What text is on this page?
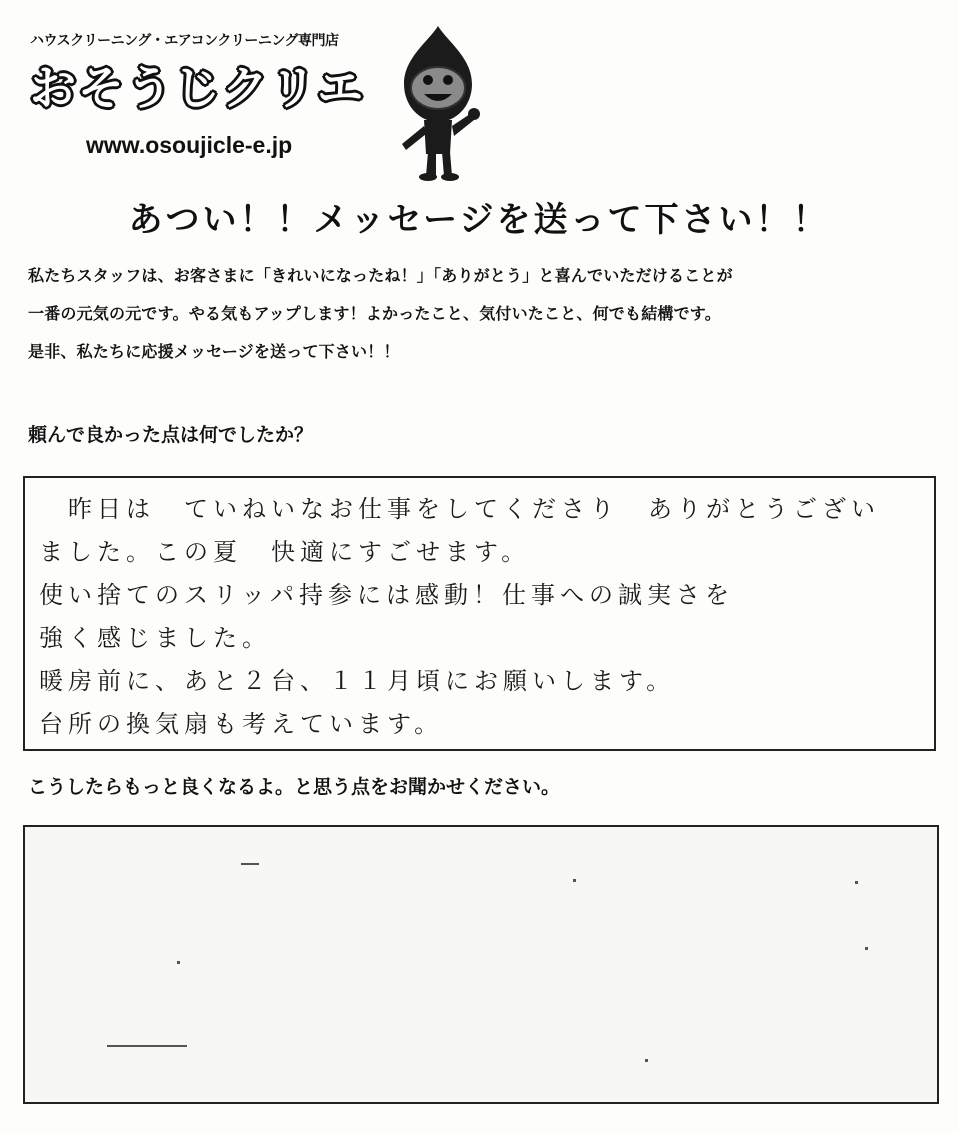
ハウスクリーニング・エアコンクリーニング専門店
おそうじクリエ
www.osoujicle-e.jp
あつい！！メッセージを送って下さい！！

私たちスタッフは、お客さまに「きれいになったね！」「ありがとう」と喜んでいただけることが

一番の元気の元です。やる気もアップします！よかったこと、気付いたこと、何でも結構です。

是非、私たちに応援メッセージを送って下さい！！

頼んで良かった点は何でしたか？
　昨日は　ていねいなお仕事をしてくださり　ありがとうござい
ました。この夏　快適にすごせます。
使い捨てのスリッパ持参には感動！仕事への誠実さを
強く感じました。
暖房前に、あと２台、１１月頃にお願いします。
台所の換気扇も考えています。
こうしたらもっと良くなるよ。と思う点をお聞かせください。
